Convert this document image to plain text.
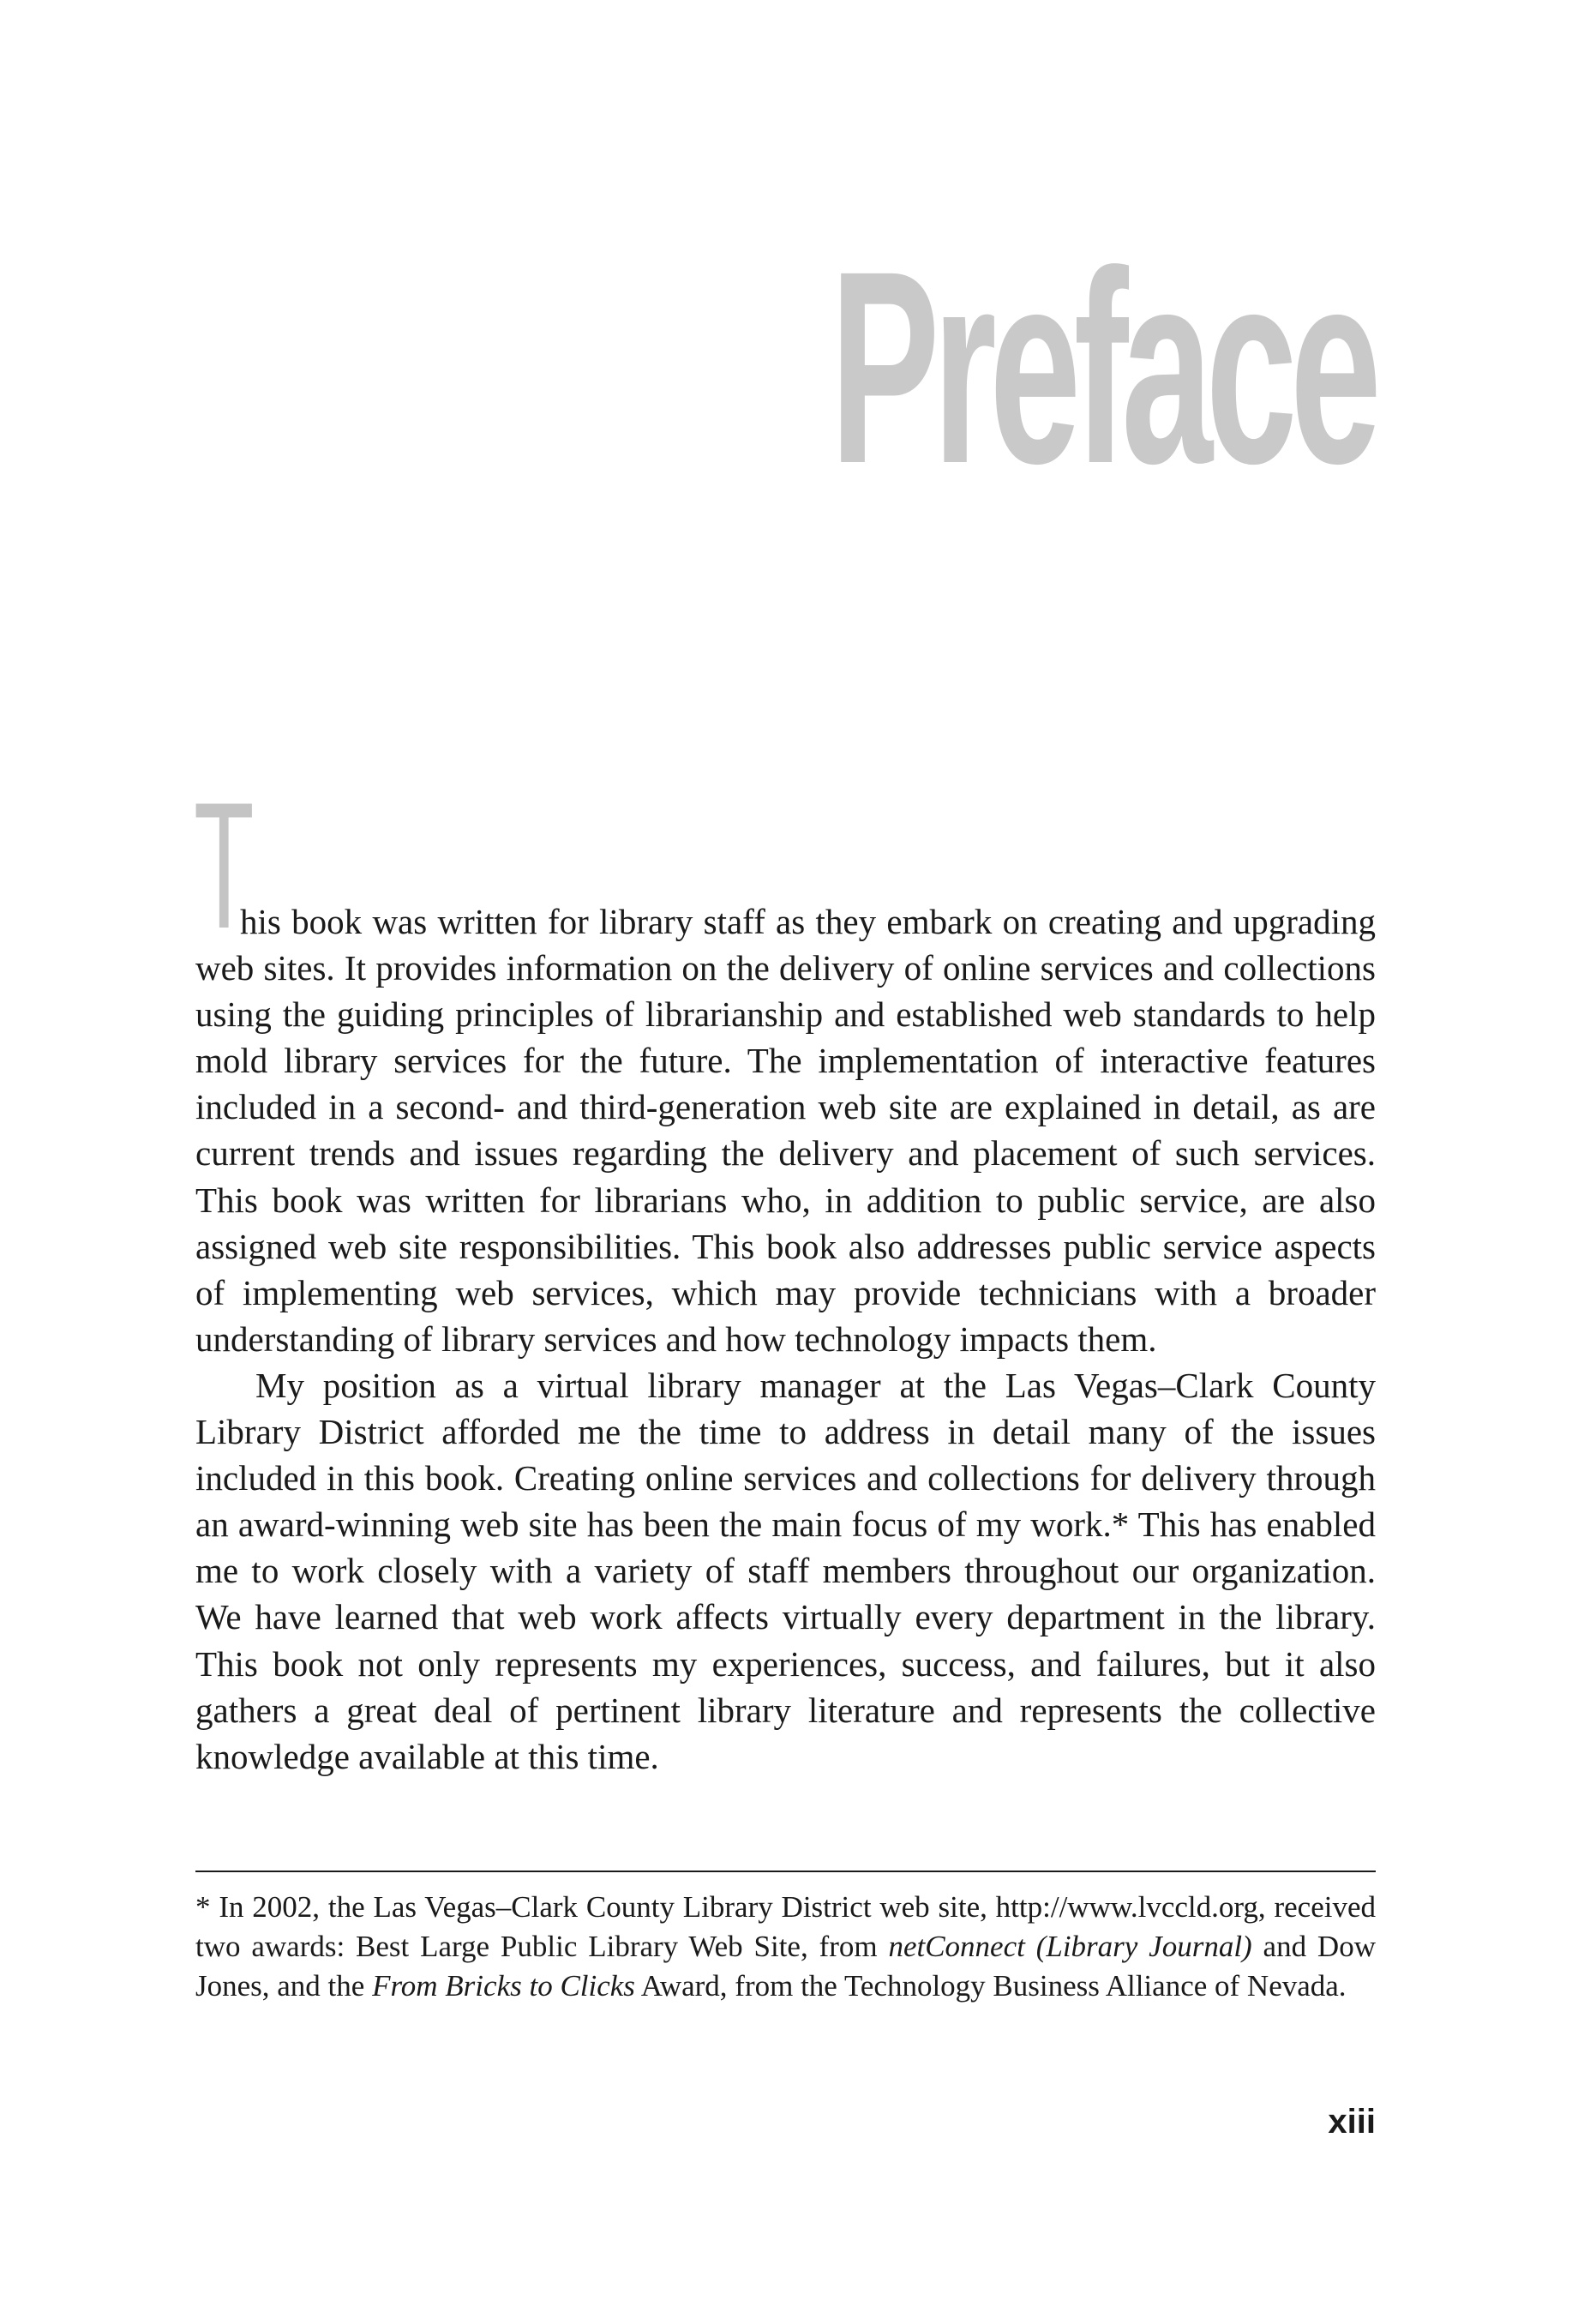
Preface
T

his book was written for library staff as they embark on creating and upgrading web sites. It provides information on the delivery of online services and collections using the guiding principles of librarianship and established web standards to help mold library services for the future. The implementation of interactive features included in a second- and third-generation web site are explained in detail, as are current trends and issues regarding the delivery and placement of such services. This book was written for librarians who, in addition to public service, are also assigned web site responsibilities. This book also addresses public service aspects of implementing web services, which may provide technicians with a broader understanding of library services and how technology impacts them.

My position as a virtual library manager at the Las Vegas–Clark County Library District afforded me the time to address in detail many of the issues included in this book. Creating online services and collections for delivery through an award-winning web site has been the main focus of my work.* This has enabled me to work closely with a variety of staff members throughout our organization. We have learned that web work affects virtually every department in the library. This book not only represents my experiences, success, and failures, but it also gathers a great deal of pertinent library literature and represents the collective knowledge available at this time.

* In 2002, the Las Vegas–Clark County Library District web site, http://www.lvccld.org, received two awards: Best Large Public Library Web Site, from netConnect (Library Journal) and Dow Jones, and the From Bricks to Clicks Award, from the Technology Business Alliance of Nevada.

xiii
